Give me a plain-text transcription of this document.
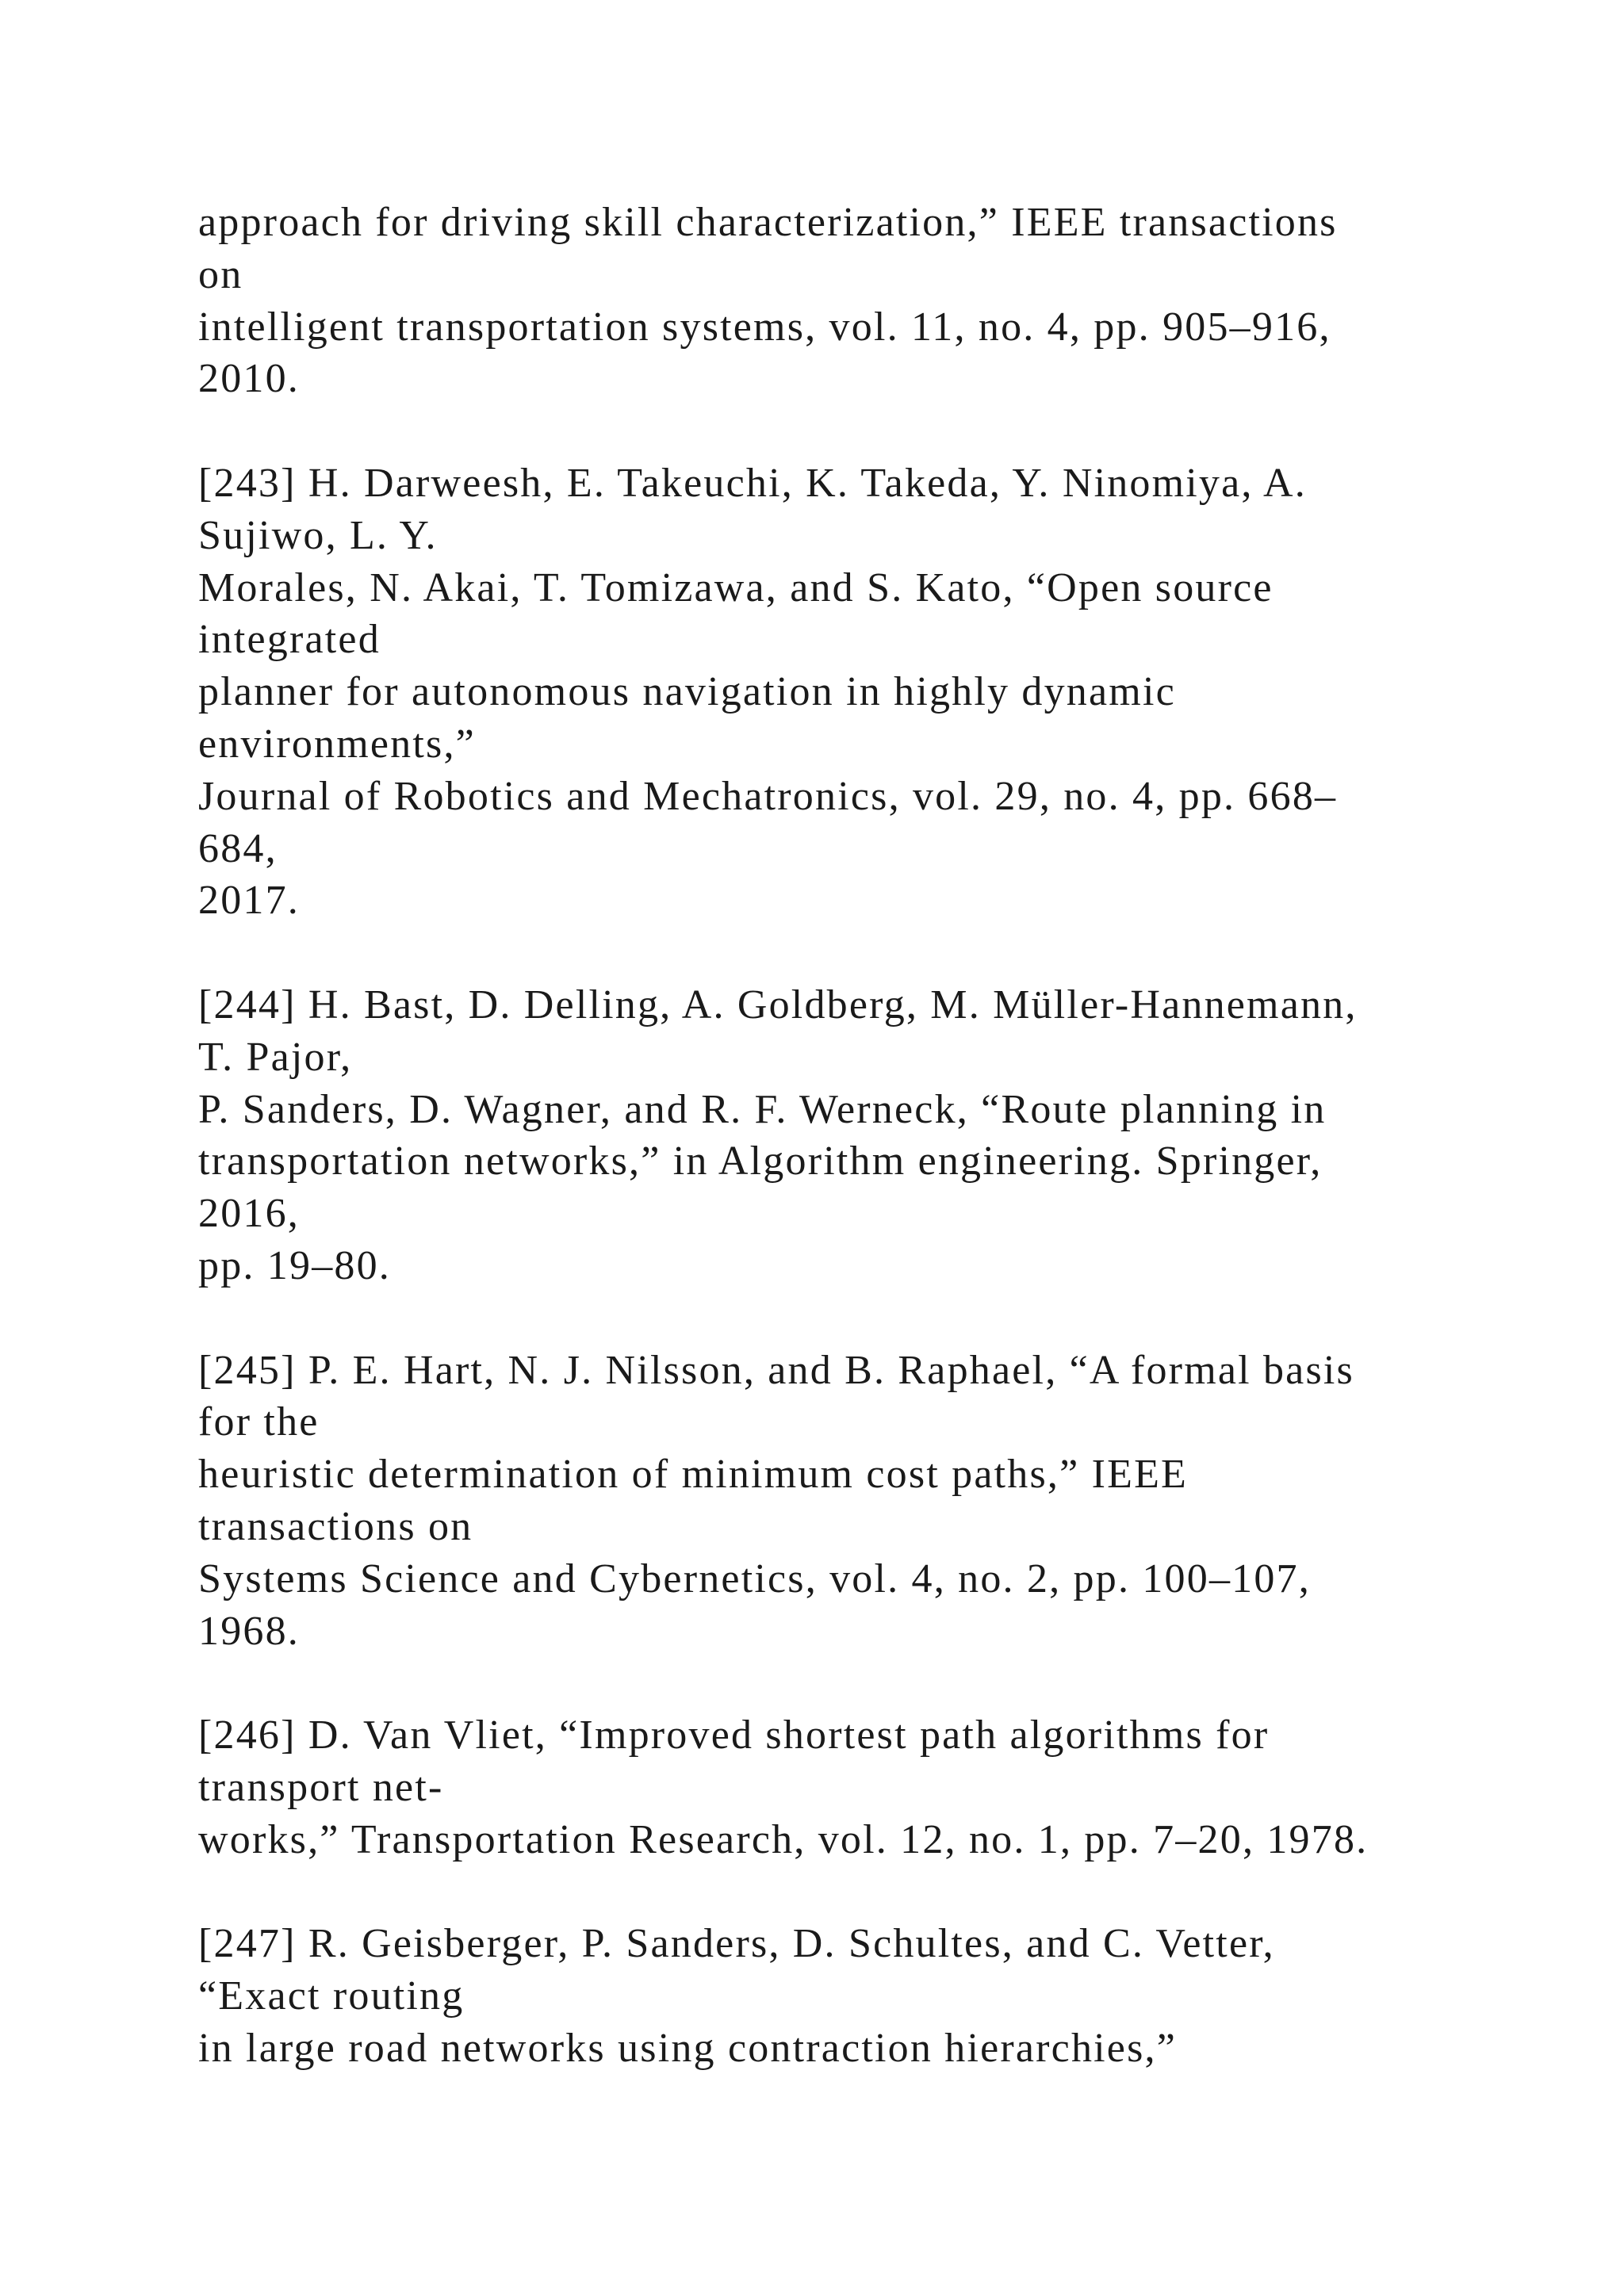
approach for driving skill characterization,” IEEE transactions
on
intelligent transportation systems, vol. 11, no. 4, pp. 905–916,
2010.
[243] H. Darweesh, E. Takeuchi, K. Takeda, Y. Ninomiya, A.
Sujiwo, L. Y.
Morales, N. Akai, T. Tomizawa, and S. Kato, “Open source
integrated
planner for autonomous navigation in highly dynamic
environments,”
Journal of Robotics and Mechatronics, vol. 29, no. 4, pp. 668–
684,
2017.
[244] H. Bast, D. Delling, A. Goldberg, M. Müller-Hannemann,
T. Pajor,
P. Sanders, D. Wagner, and R. F. Werneck, “Route planning in
transportation networks,” in Algorithm engineering. Springer,
2016,
pp. 19–80.
[245] P. E. Hart, N. J. Nilsson, and B. Raphael, “A formal basis
for the
heuristic determination of minimum cost paths,” IEEE
transactions on
Systems Science and Cybernetics, vol. 4, no. 2, pp. 100–107,
1968.
[246] D. Van Vliet, “Improved shortest path algorithms for
transport net-
works,” Transportation Research, vol. 12, no. 1, pp. 7–20, 1978.
[247] R. Geisberger, P. Sanders, D. Schultes, and C. Vetter,
“Exact routing
in large road networks using contraction hierarchies,”
